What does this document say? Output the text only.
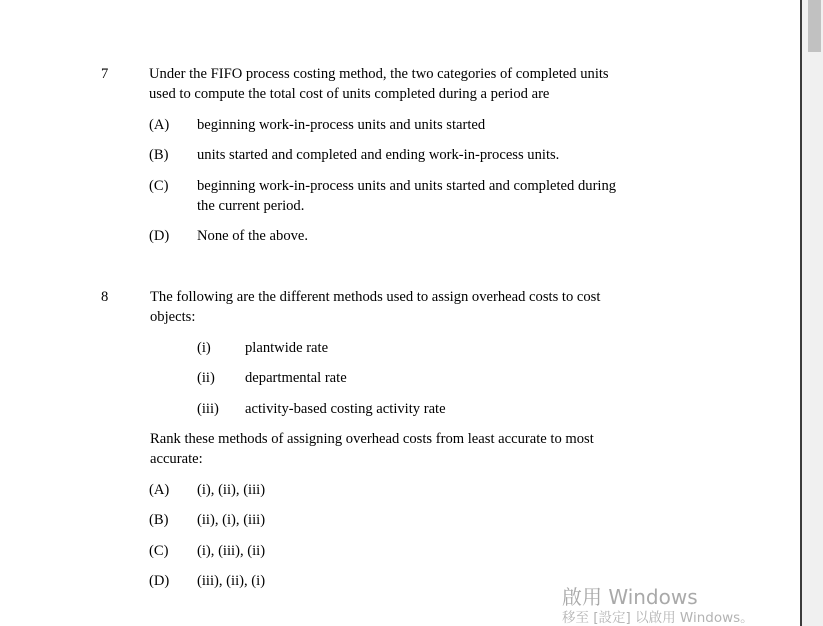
7	Under the FIFO process costing method, the two categories of completed units
used to compute the total cost of units completed during a period are
(A) beginning work-in-process units and units started
(B) units started and completed and ending work-in-process units.
(C) beginning work-in-process units and units started and completed during
the current period.
(D) None of the above.
8	The following are the different methods used to assign overhead costs to cost
objects:
(i) plantwide rate
(ii) departmental rate
(iii) activity-based costing activity rate
Rank these methods of assigning overhead costs from least accurate to most
accurate:
(A) (i), (ii), (iii)
(B) (ii), (i), (iii)
(C) (i), (iii), (ii)
(D) (iii), (ii), (i)
啟用 Windows
移至 [設定] 以啟用 Windows。
